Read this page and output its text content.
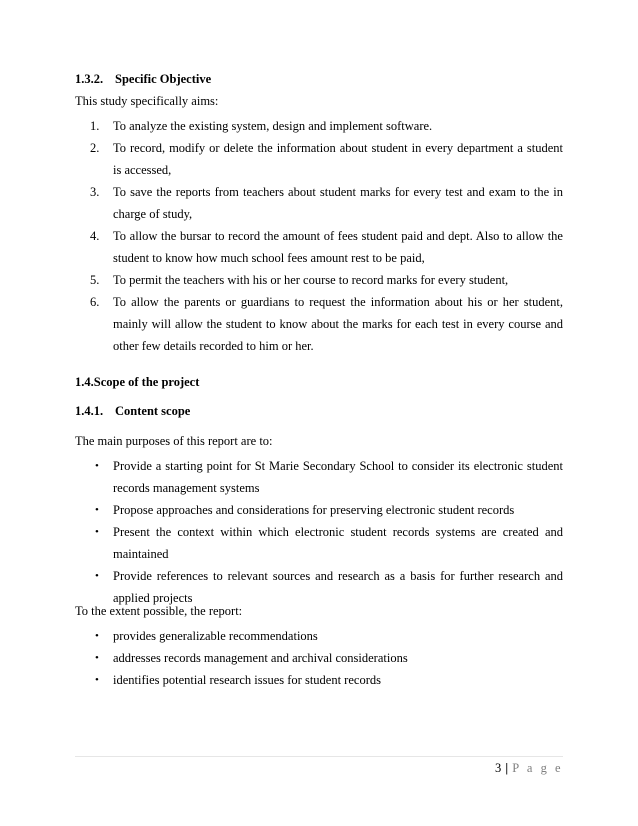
1.3.2. Specific Objective
This study specifically aims:
1. To analyze the existing system, design and implement software.
2. To record, modify or delete the information about student in every department a student is accessed,
3. To save the reports from teachers about student marks for every test and exam to the in charge of study,
4. To allow the bursar to record the amount of fees student paid and dept. Also to allow the student to know how much school fees amount rest to be paid,
5. To permit the teachers with his or her course to record marks for every student,
6. To allow the parents or guardians to request the information about his or her student, mainly will allow the student to know about the marks for each test in every course and other few details recorded to him or her.
1.4.Scope of the project
1.4.1. Content scope
The main purposes of this report are to:
• Provide a starting point for St Marie Secondary School to consider its electronic student records management systems
• Propose approaches and considerations for preserving electronic student records
• Present the context within which electronic student records systems are created and maintained
• Provide references to relevant sources and research as a basis for further research and applied projects
To the extent possible, the report:
• provides generalizable recommendations
• addresses records management and archival considerations
• identifies potential research issues for student records
3 | P a g e
